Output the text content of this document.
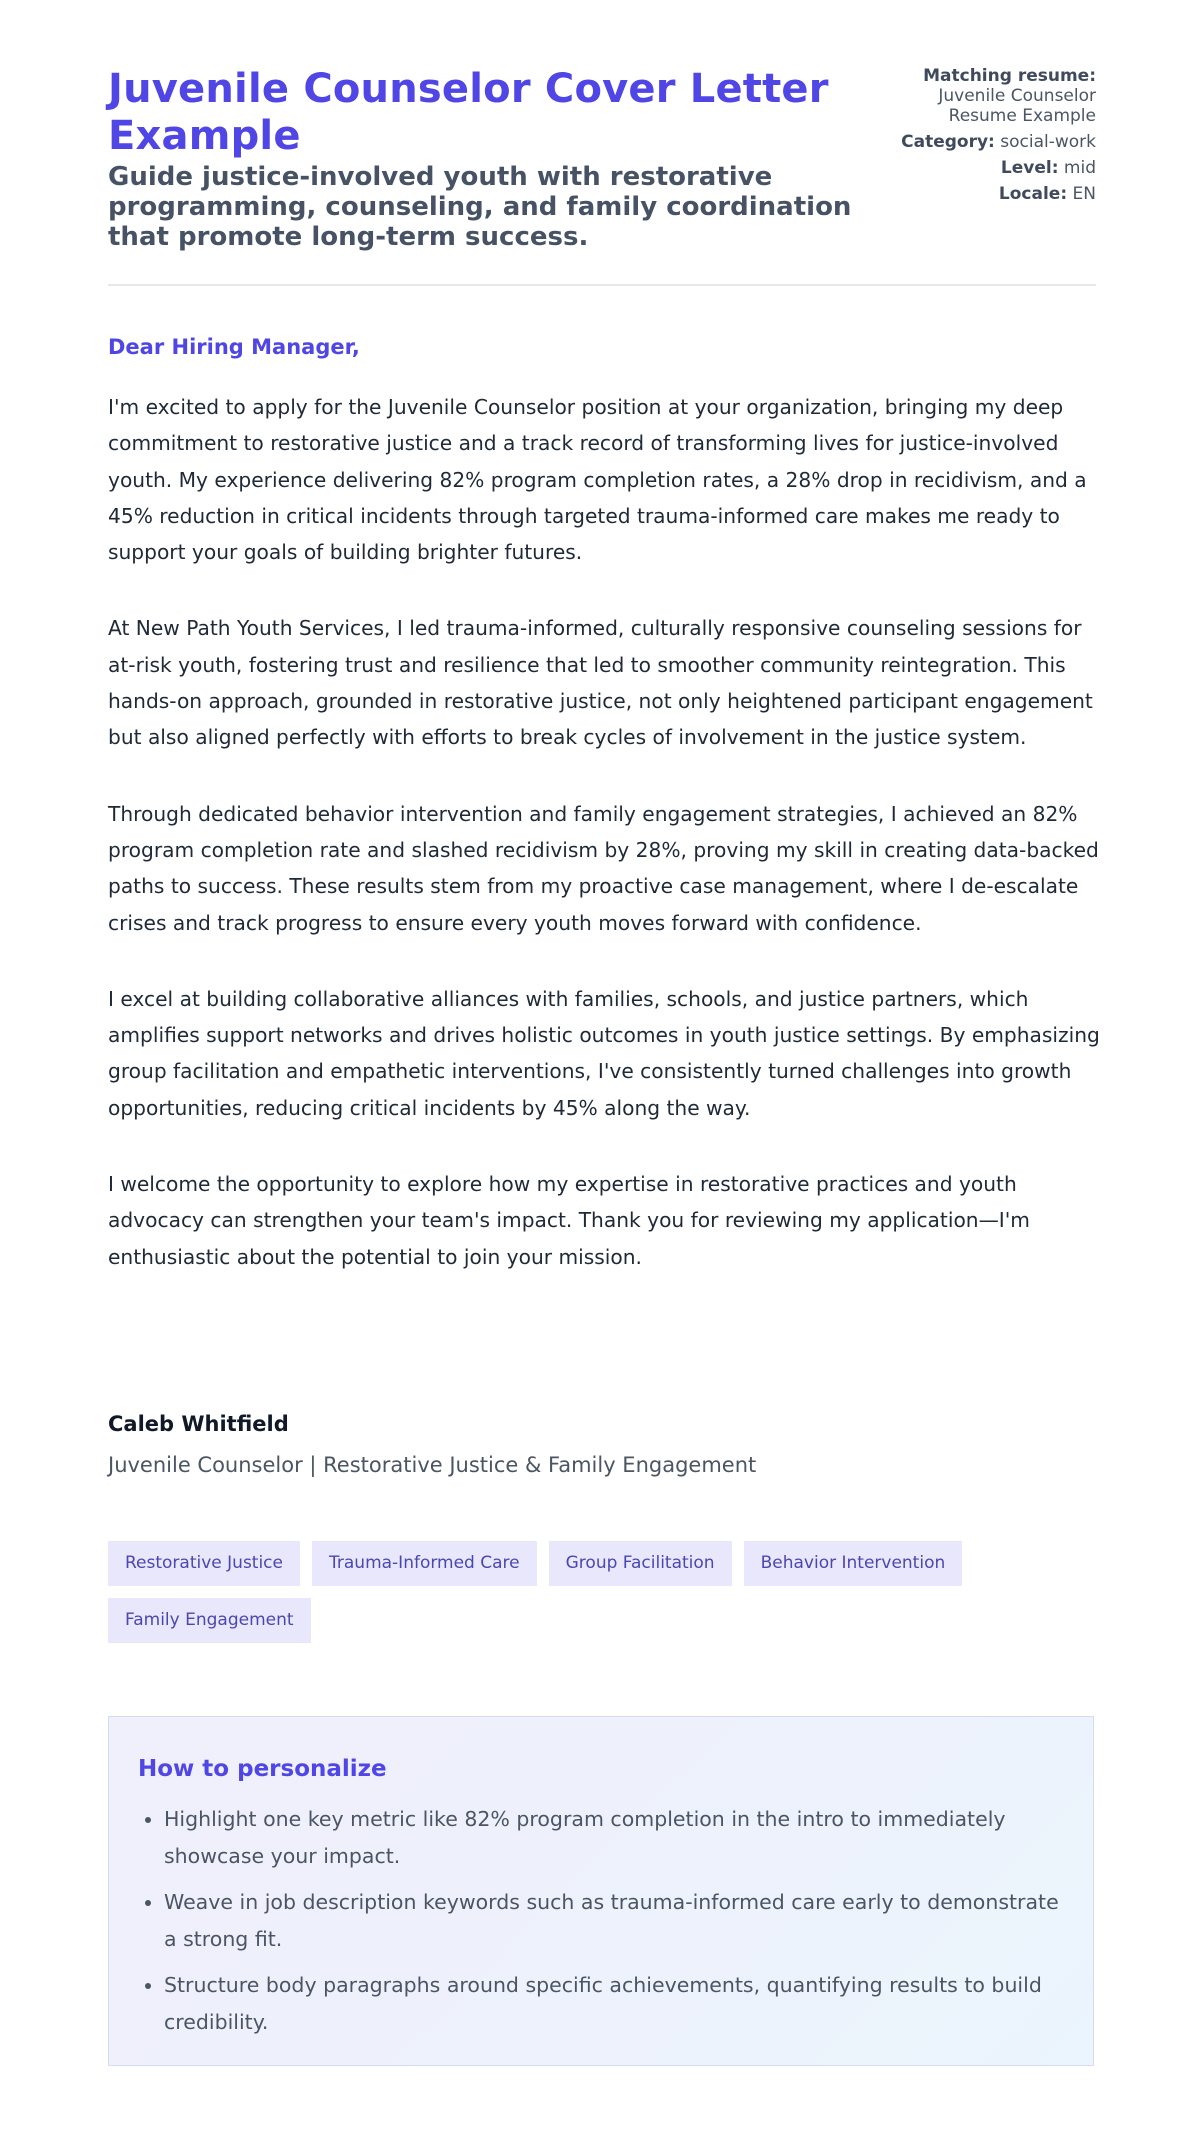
Juvenile Counselor Cover Letter Example
Guide justice-involved youth with restorative programming, counseling, and family coordination that promote long-term success.
Matching resume:
Juvenile Counselor Resume Example
Category: social-work
Level: mid
Locale: EN

Dear Hiring Manager,

I'm excited to apply for the Juvenile Counselor position at your organization, bringing my deep commitment to restorative justice and a track record of transforming lives for justice-involved youth. My experience delivering 82% program completion rates, a 28% drop in recidivism, and a 45% reduction in critical incidents through targeted trauma-informed care makes me ready to support your goals of building brighter futures.

At New Path Youth Services, I led trauma-informed, culturally responsive counseling sessions for at-risk youth, fostering trust and resilience that led to smoother community reintegration. This hands-on approach, grounded in restorative justice, not only heightened participant engagement but also aligned perfectly with efforts to break cycles of involvement in the justice system.

Through dedicated behavior intervention and family engagement strategies, I achieved an 82% program completion rate and slashed recidivism by 28%, proving my skill in creating data-backed paths to success. These results stem from my proactive case management, where I de-escalate crises and track progress to ensure every youth moves forward with confidence.

I excel at building collaborative alliances with families, schools, and justice partners, which amplifies support networks and drives holistic outcomes in youth justice settings. By emphasizing group facilitation and empathetic interventions, I've consistently turned challenges into growth opportunities, reducing critical incidents by 45% along the way.

I welcome the opportunity to explore how my expertise in restorative practices and youth advocacy can strengthen your team's impact. Thank you for reviewing my application—I'm enthusiastic about the potential to join your mission.

Caleb Whitfield
Juvenile Counselor | Restorative Justice & Family Engagement
Restorative Justice	Trauma-Informed Care	Group Facilitation	Behavior Intervention
Family Engagement
How to personalize
• Highlight one key metric like 82% program completion in the intro to immediately showcase your impact.
• Weave in job description keywords such as trauma-informed care early to demonstrate a strong fit.
• Structure body paragraphs around specific achievements, quantifying results to build credibility.
